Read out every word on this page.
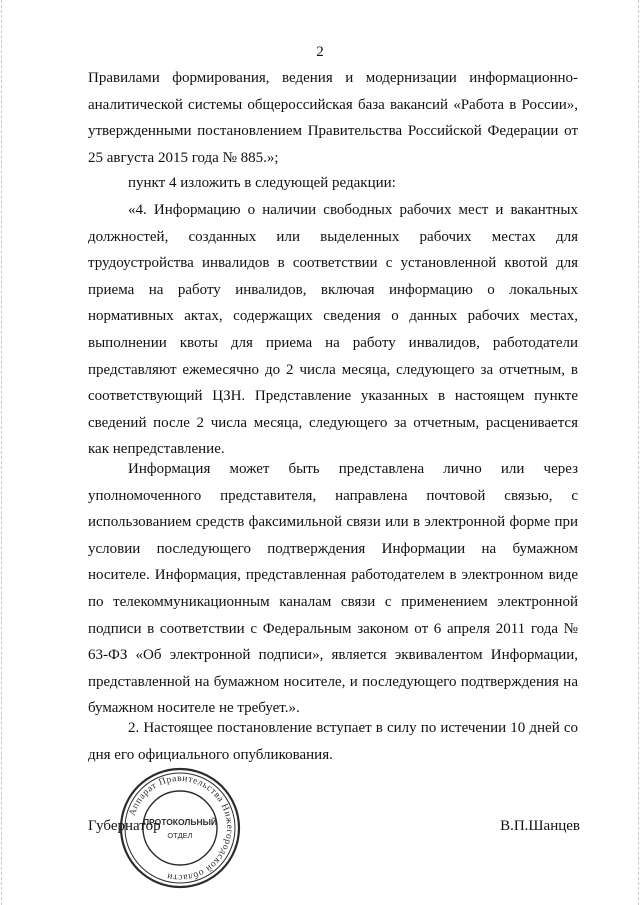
2

Правилами формирования, ведения и модернизации информационно-аналитической системы общероссийская база вакансий «Работа в России», утвержденными постановлением Правительства Российской Федерации от 25 августа 2015 года № 885.»;

пункт 4 изложить в следующей редакции:

«4. Информацию о наличии свободных рабочих мест и вакантных должностей, созданных или выделенных рабочих местах для трудоустройства инвалидов в соответствии с установленной квотой для приема на работу инвалидов, включая информацию о локальных нормативных актах, содержащих сведения о данных рабочих местах, выполнении квоты для приема на работу инвалидов, работодатели представляют ежемесячно до 2 числа месяца, следующего за отчетным, в соответствующий ЦЗН. Представление указанных в настоящем пункте сведений после 2 числа месяца, следующего за отчетным, расценивается как непредставление.

Информация может быть представлена лично или через уполномоченного представителя, направлена почтовой связью, с использованием средств факсимильной связи или в электронной форме при условии последующего подтверждения Информации на бумажном носителе. Информация, представленная работодателем в электронном виде по телекоммуникационным каналам связи с применением электронной подписи в соответствии с Федеральным законом от 6 апреля 2011 года № 63-ФЗ «Об электронной подписи», является эквивалентом Информации, представленной на бумажном носителе, и последующего подтверждения на бумажном носителе не требует.».

2. Настоящее постановление вступает в силу по истечении 10 дней со дня его официального опубликования.

Губернатор	В.П.Шанцев
Аппарат Правительства Нижегородской области
ПРОТОКОЛЬНЫЙ
ОТДЕЛ
